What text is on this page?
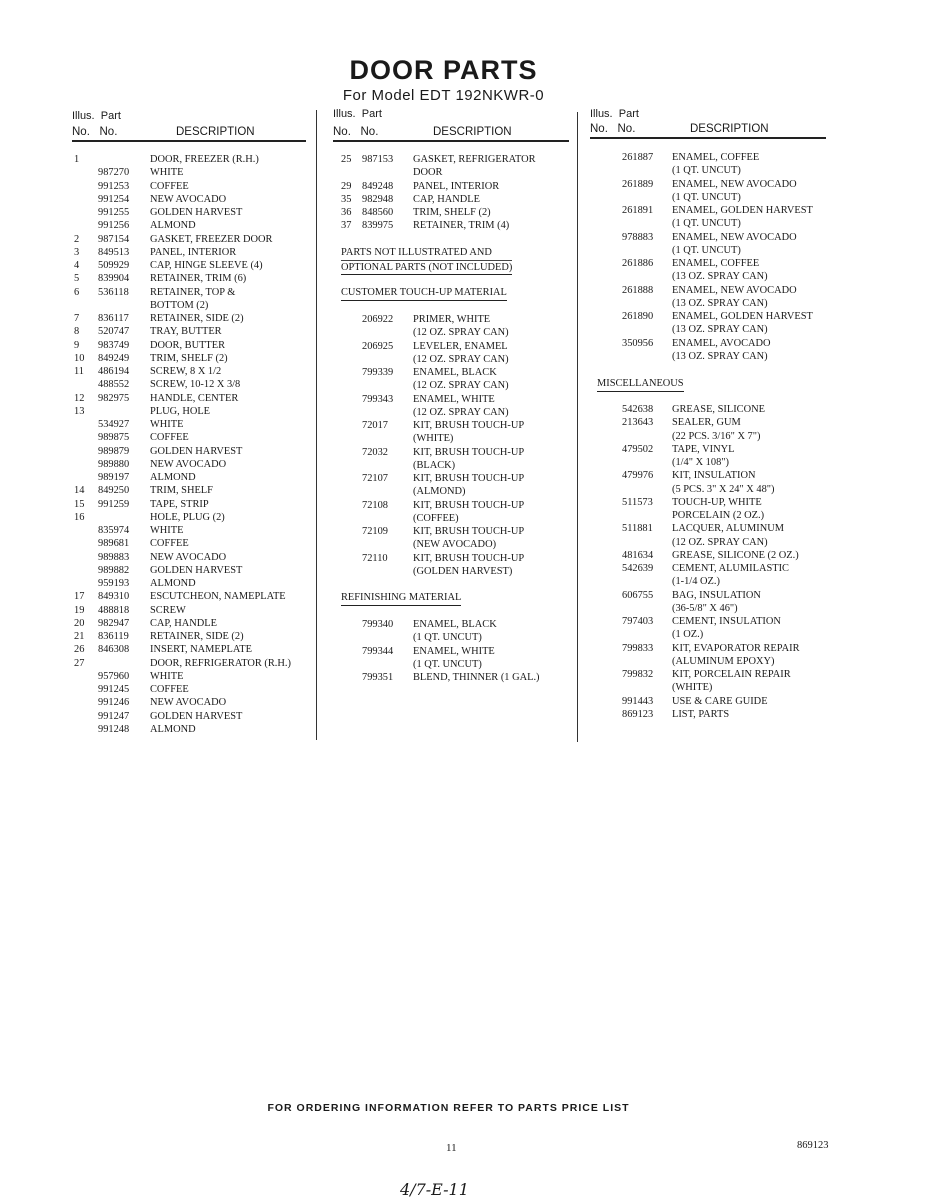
DOOR PARTS
For Model EDT 192NKWR-0
Illus. Part
No. No.	DESCRIPTION
Illus. Part
No. No.	DESCRIPTION
Illus. Part
No. No.	DESCRIPTION
1	DOOR, FREEZER (R.H.)
987270 WHITE
991253 COFFEE
991254 NEW AVOCADO
991255 GOLDEN HARVEST
991256 ALMOND
2 987154 GASKET, FREEZER DOOR
3 849513 PANEL, INTERIOR
4 509929 CAP, HINGE SLEEVE (4)
5 839904 RETAINER, TRIM (6)
6 536118 RETAINER, TOP &
BOTTOM (2)
7 836117 RETAINER, SIDE (2)
8 520747 TRAY, BUTTER
9 983749 DOOR, BUTTER
10 849249 TRIM, SHELF (2)
11 486194 SCREW, 8 X 1/2
488552 SCREW, 10-12 X 3/8
12 982975 HANDLE, CENTER
13	PLUG, HOLE
534927 WHITE
989875 COFFEE
989879 GOLDEN HARVEST
989880 NEW AVOCADO
989197 ALMOND
14 849250 TRIM, SHELF
15 991259 TAPE, STRIP
16	HOLE, PLUG (2)
835974 WHITE
989681 COFFEE
989883 NEW AVOCADO
989882 GOLDEN HARVEST
959193 ALMOND
17 849310 ESCUTCHEON, NAMEPLATE
19 488818 SCREW
20 982947 CAP, HANDLE
21 836119 RETAINER, SIDE (2)
26 846308 INSERT, NAMEPLATE
27	DOOR, REFRIGERATOR (R.H.)
957960 WHITE
991245 COFFEE
991246 NEW AVOCADO
991247 GOLDEN HARVEST
991248 ALMOND
25 987153 GASKET, REFRIGERATOR
DOOR
29 849248 PANEL, INTERIOR
35 982948 CAP, HANDLE
36 848560 TRIM, SHELF (2)
37 839975 RETAINER, TRIM (4)
PARTS NOT ILLUSTRATED AND
OPTIONAL PARTS (NOT INCLUDED)
CUSTOMER TOUCH-UP MATERIAL
206922 PRIMER, WHITE
(12 OZ. SPRAY CAN)
206925 LEVELER, ENAMEL
(12 OZ. SPRAY CAN)
799339 ENAMEL, BLACK
(12 OZ. SPRAY CAN)
799343 ENAMEL, WHITE
(12 OZ. SPRAY CAN)
72017 KIT, BRUSH TOUCH-UP
(WHITE)
72032 KIT, BRUSH TOUCH-UP
(BLACK)
72107 KIT, BRUSH TOUCH-UP
(ALMOND)
72108 KIT, BRUSH TOUCH-UP
(COFFEE)
72109 KIT, BRUSH TOUCH-UP
(NEW AVOCADO)
72110 KIT, BRUSH TOUCH-UP
(GOLDEN HARVEST)
REFINISHING MATERIAL
799340 ENAMEL, BLACK
(1 QT. UNCUT)
799344 ENAMEL, WHITE
(1 QT. UNCUT)
799351 BLEND, THINNER (1 GAL.)
261887 ENAMEL, COFFEE
(1 QT. UNCUT)
261889 ENAMEL, NEW AVOCADO
(1 QT. UNCUT)
261891 ENAMEL, GOLDEN HARVEST
(1 QT. UNCUT)
978883 ENAMEL, NEW AVOCADO
(1 QT. UNCUT)
261886 ENAMEL, COFFEE
(13 OZ. SPRAY CAN)
261888 ENAMEL, NEW AVOCADO
(13 OZ. SPRAY CAN)
261890 ENAMEL, GOLDEN HARVEST
(13 OZ. SPRAY CAN)
350956 ENAMEL, AVOCADO
(13 OZ. SPRAY CAN)
MISCELLANEOUS
542638 GREASE, SILICONE
213643 SEALER, GUM
(22 PCS. 3/16" X 7")
479502 TAPE, VINYL
(1/4" X 108")
479976 KIT, INSULATION
(5 PCS. 3" X 24" X 48")
511573 TOUCH-UP, WHITE
PORCELAIN (2 OZ.)
511881 LACQUER, ALUMINUM
(12 OZ. SPRAY CAN)
481634 GREASE, SILICONE (2 OZ.)
542639 CEMENT, ALUMILASTIC
(1-1/4 OZ.)
606755 BAG, INSULATION
(36-5/8" X 46")
797403 CEMENT, INSULATION
(1 OZ.)
799833 KIT, EVAPORATOR REPAIR
(ALUMINUM EPOXY)
799832 KIT, PORCELAIN REPAIR
(WHITE)
991443 USE & CARE GUIDE
869123 LIST, PARTS
FOR ORDERING INFORMATION REFER TO PARTS PRICE LIST
11	869123
4/7-E-11
